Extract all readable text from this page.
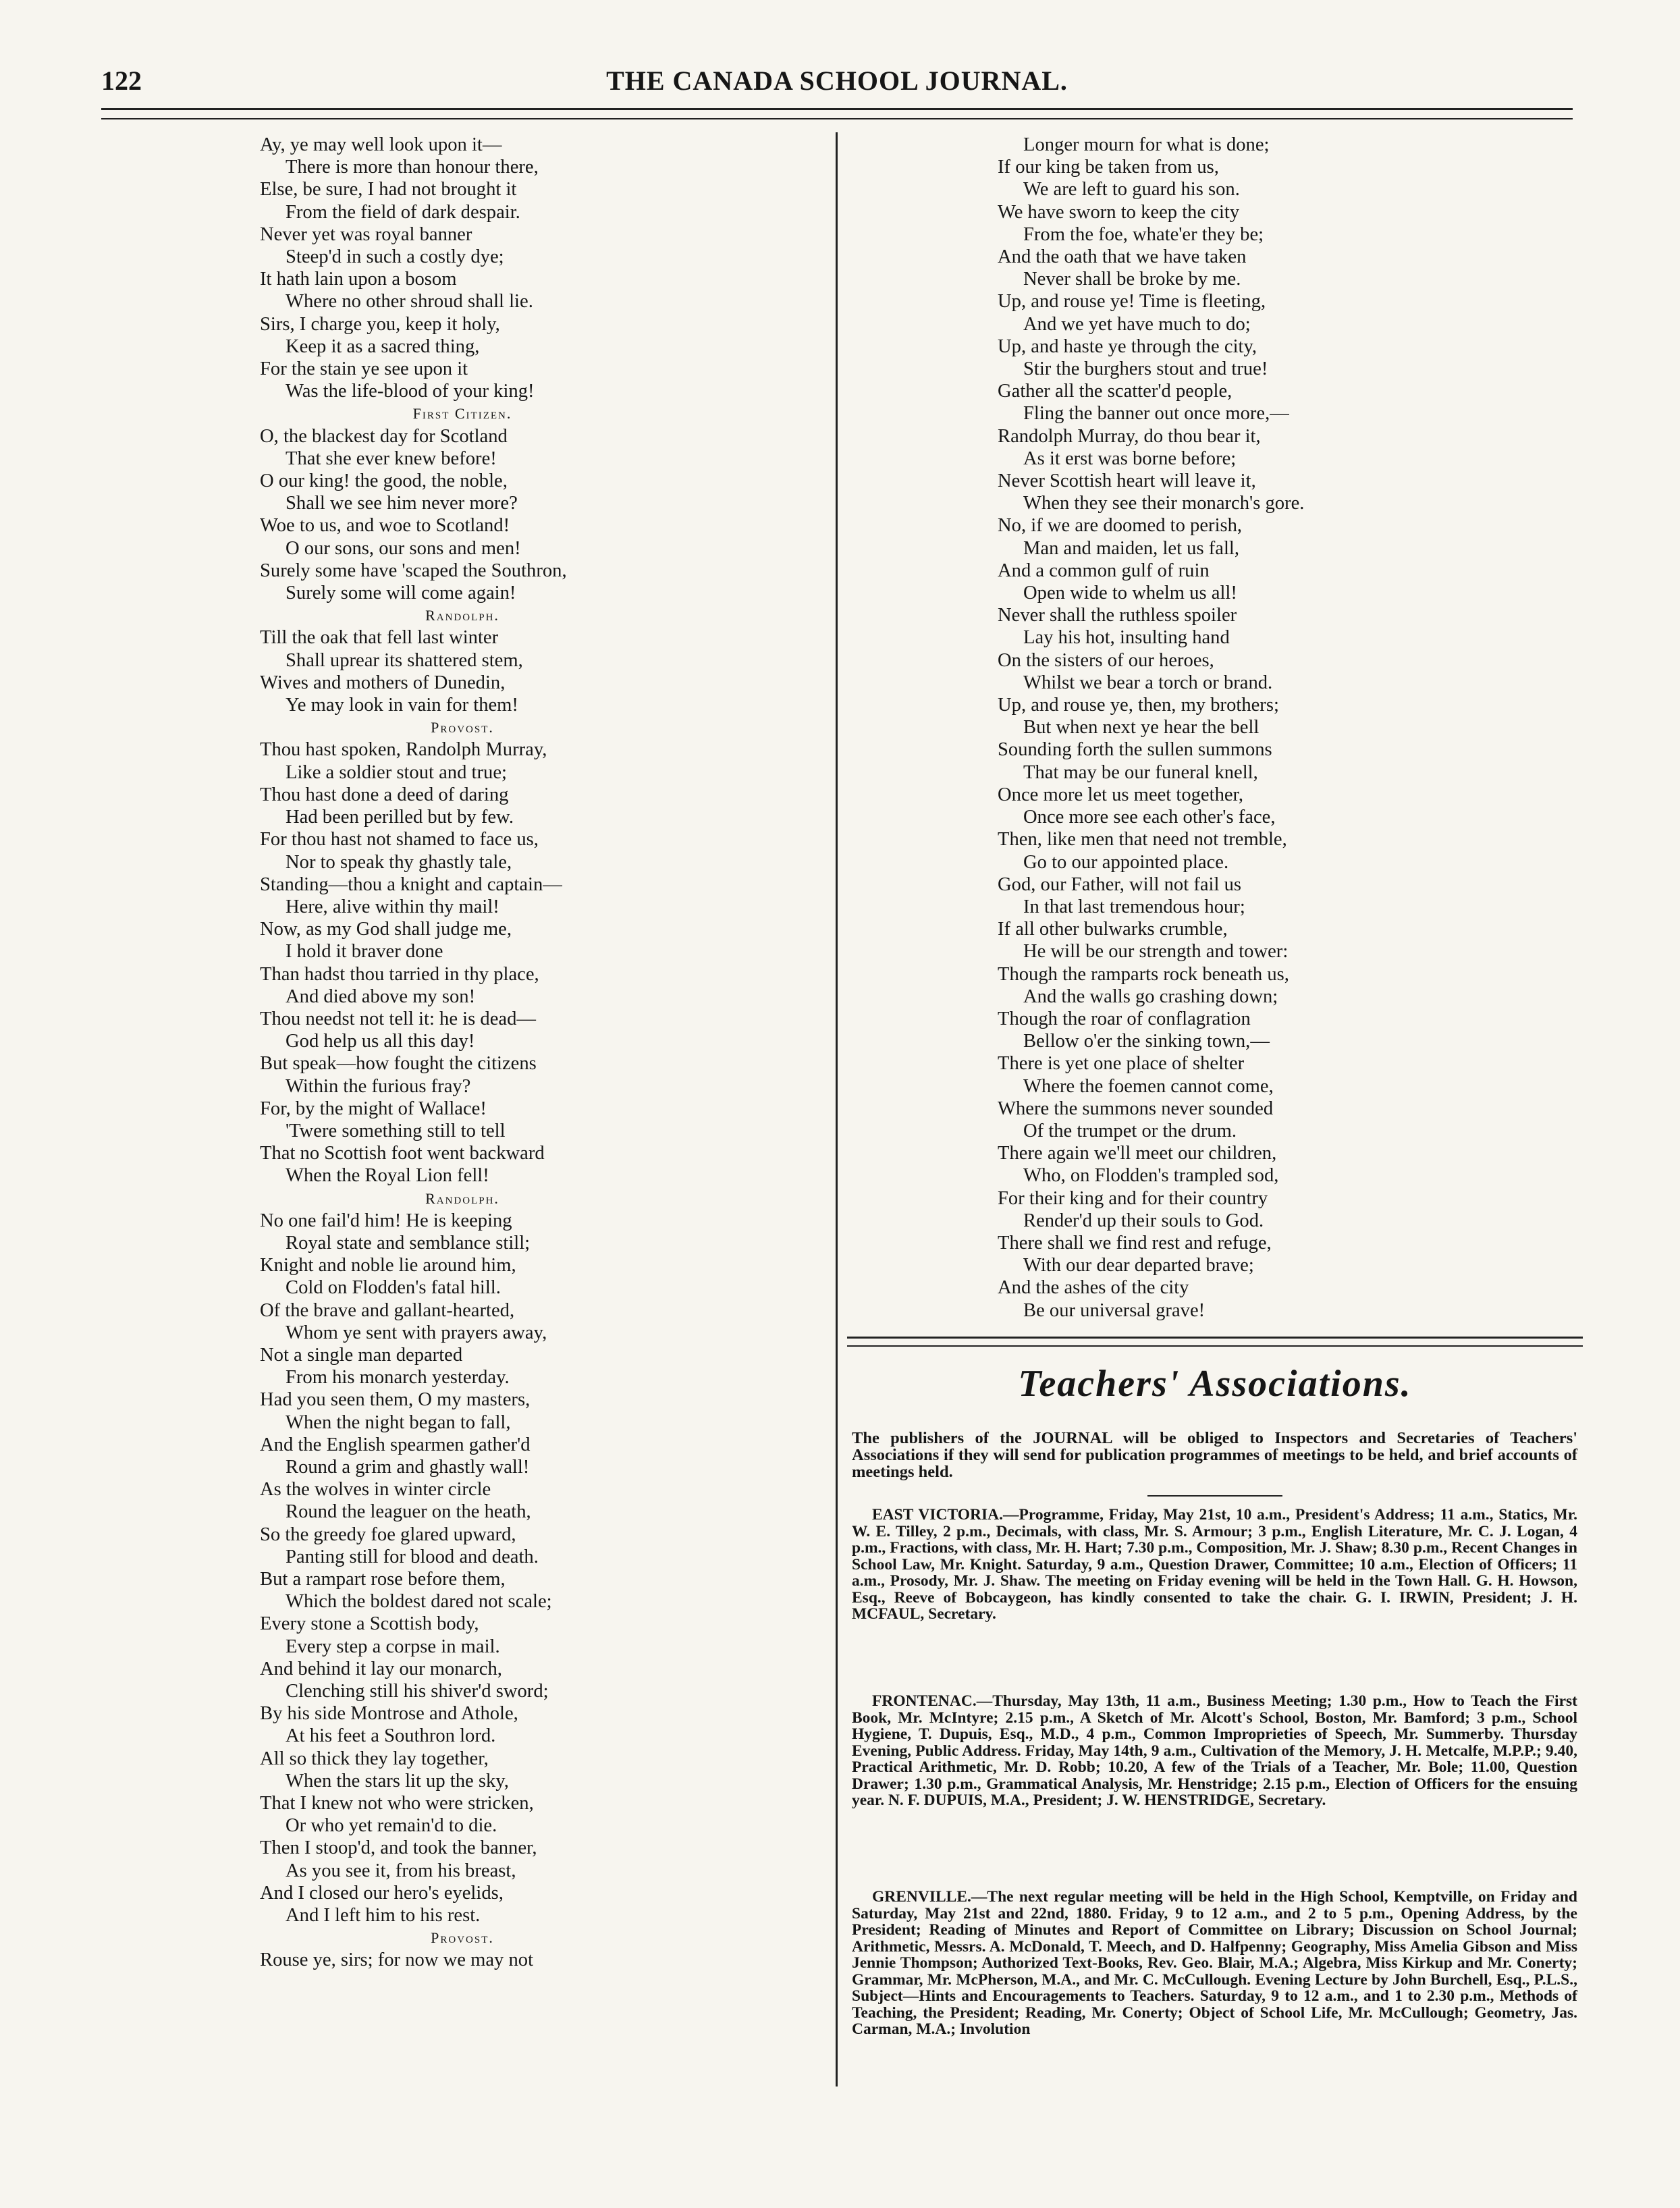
122	THE CANADA SCHOOL JOURNAL.
Ay, ye may well look upon it—
There is more than honour there,
Else, be sure, I had not brought it
From the field of dark despair.
Never yet was royal banner
Steep'd in such a costly dye;
It hath lain upon a bosom
Where no other shroud shall lie.
Sirs, I charge you, keep it holy,
Keep it as a sacred thing,
For the stain ye see upon it
Was the life-blood of your king!
First Citizen.
O, the blackest day for Scotland
That she ever knew before!
O our king! the good, the noble,
Shall we see him never more?
Woe to us, and woe to Scotland!
O our sons, our sons and men!
Surely some have 'scaped the Southron,
Surely some will come again!
Randolph.
Till the oak that fell last winter
Shall uprear its shattered stem,
Wives and mothers of Dunedin,
Ye may look in vain for them!
Provost.
Thou hast spoken, Randolph Murray,
Like a soldier stout and true;
Thou hast done a deed of daring
Had been perilled but by few.
For thou hast not shamed to face us,
Nor to speak thy ghastly tale,
Standing—thou a knight and captain—
Here, alive within thy mail!
Now, as my God shall judge me,
I hold it braver done
Than hadst thou tarried in thy place,
And died above my son!
Thou needst not tell it: he is dead—
God help us all this day!
But speak—how fought the citizens
Within the furious fray?
For, by the might of Wallace!
'Twere something still to tell
That no Scottish foot went backward
When the Royal Lion fell!
Randolph.
No one fail'd him! He is keeping
Royal state and semblance still;
Knight and noble lie around him,
Cold on Flodden's fatal hill.
Of the brave and gallant-hearted,
Whom ye sent with prayers away,
Not a single man departed
From his monarch yesterday.
Had you seen them, O my masters,
When the night began to fall,
And the English spearmen gather'd
Round a grim and ghastly wall!
As the wolves in winter circle
Round the leaguer on the heath,
So the greedy foe glared upward,
Panting still for blood and death.
But a rampart rose before them,
Which the boldest dared not scale;
Every stone a Scottish body,
Every step a corpse in mail.
And behind it lay our monarch,
Clenching still his shiver'd sword;
By his side Montrose and Athole,
At his feet a Southron lord.
All so thick they lay together,
When the stars lit up the sky,
That I knew not who were stricken,
Or who yet remain'd to die.
Then I stoop'd, and took the banner,
As you see it, from his breast,
And I closed our hero's eyelids,
And I left him to his rest.
Provost.
Rouse ye, sirs; for now we may not
Longer mourn for what is done;
If our king be taken from us,
We are left to guard his son.
We have sworn to keep the city
From the foe, whate'er they be;
And the oath that we have taken
Never shall be broke by me.
Up, and rouse ye! Time is fleeting,
And we yet have much to do;
Up, and haste ye through the city,
Stir the burghers stout and true!
Gather all the scatter'd people,
Fling the banner out once more,—
Randolph Murray, do thou bear it,
As it erst was borne before;
Never Scottish heart will leave it,
When they see their monarch's gore.
No, if we are doomed to perish,
Man and maiden, let us fall,
And a common gulf of ruin
Open wide to whelm us all!
Never shall the ruthless spoiler
Lay his hot, insulting hand
On the sisters of our heroes,
Whilst we bear a torch or brand.
Up, and rouse ye, then, my brothers;
But when next ye hear the bell
Sounding forth the sullen summons
That may be our funeral knell,
Once more let us meet together,
Once more see each other's face,
Then, like men that need not tremble,
Go to our appointed place.
God, our Father, will not fail us
In that last tremendous hour;
If all other bulwarks crumble,
He will be our strength and tower:
Though the ramparts rock beneath us,
And the walls go crashing down;
Though the roar of conflagration
Bellow o'er the sinking town,—
There is yet one place of shelter
Where the foemen cannot come,
Where the summons never sounded
Of the trumpet or the drum.
There again we'll meet our children,
Who, on Flodden's trampled sod,
For their king and for their country
Render'd up their souls to God.
There shall we find rest and refuge,
With our dear departed brave;
And the ashes of the city
Be our universal grave!
Teachers' Associations.
The publishers of the JOURNAL will be obliged to Inspectors and Secretaries of Teachers' Associations if they will send for publication programmes of meetings to be held, and brief accounts of meetings held.
EAST VICTORIA.—Programme, Friday, May 21st, 10 a.m., President's Address; 11 a.m., Statics, Mr. W. E. Tilley, 2 p.m., Decimals, with class, Mr. S. Armour; 3 p.m., English Literature, Mr. C. J. Logan, 4 p.m., Fractions, with class, Mr. H. Hart; 7.30 p.m., Composition, Mr. J. Shaw; 8.30 p.m., Recent Changes in School Law, Mr. Knight. Saturday, 9 a.m., Question Drawer, Committee; 10 a.m., Election of Officers; 11 a.m., Prosody, Mr. J. Shaw. The meeting on Friday evening will be held in the Town Hall. G. H. Howson, Esq., Reeve of Bobcaygeon, has kindly consented to take the chair. G. I. IRWIN, President; J. H. MCFAUL, Secretary.
FRONTENAC.—Thursday, May 13th, 11 a.m., Business Meeting; 1.30 p.m., How to Teach the First Book, Mr. McIntyre; 2.15 p.m., A Sketch of Mr. Alcott's School, Boston, Mr. Bamford; 3 p.m., School Hygiene, T. Dupuis, Esq., M.D., 4 p.m., Common Improprieties of Speech, Mr. Summerby. Thursday Evening, Public Address. Friday, May 14th, 9 a.m., Cultivation of the Memory, J. H. Metcalfe, M.P.P.; 9.40, Practical Arithmetic, Mr. D. Robb; 10.20, A few of the Trials of a Teacher, Mr. Bole; 11.00, Question Drawer; 1.30 p.m., Grammatical Analysis, Mr. Henstridge; 2.15 p.m., Election of Officers for the ensuing year. N. F. DUPUIS, M.A., President; J. W. HENSTRIDGE, Secretary.
GRENVILLE.—The next regular meeting will be held in the High School, Kemptville, on Friday and Saturday, May 21st and 22nd, 1880. Friday, 9 to 12 a.m., and 2 to 5 p.m., Opening Address, by the President; Reading of Minutes and Report of Committee on Library; Discussion on School Journal; Arithmetic, Messrs. A. McDonald, T. Meech, and D. Halfpenny; Geography, Miss Amelia Gibson and Miss Jennie Thompson; Authorized Text-Books, Rev. Geo. Blair, M.A.; Algebra, Miss Kirkup and Mr. Conerty; Grammar, Mr. McPherson, M.A., and Mr. C. McCullough. Evening Lecture by John Burchell, Esq., P.L.S., Subject—Hints and Encouragements to Teachers. Saturday, 9 to 12 a.m., and 1 to 2.30 p.m., Methods of Teaching, the President; Reading, Mr. Conerty; Object of School Life, Mr. McCullough; Geometry, Jas. Carman, M.A.; Involution
